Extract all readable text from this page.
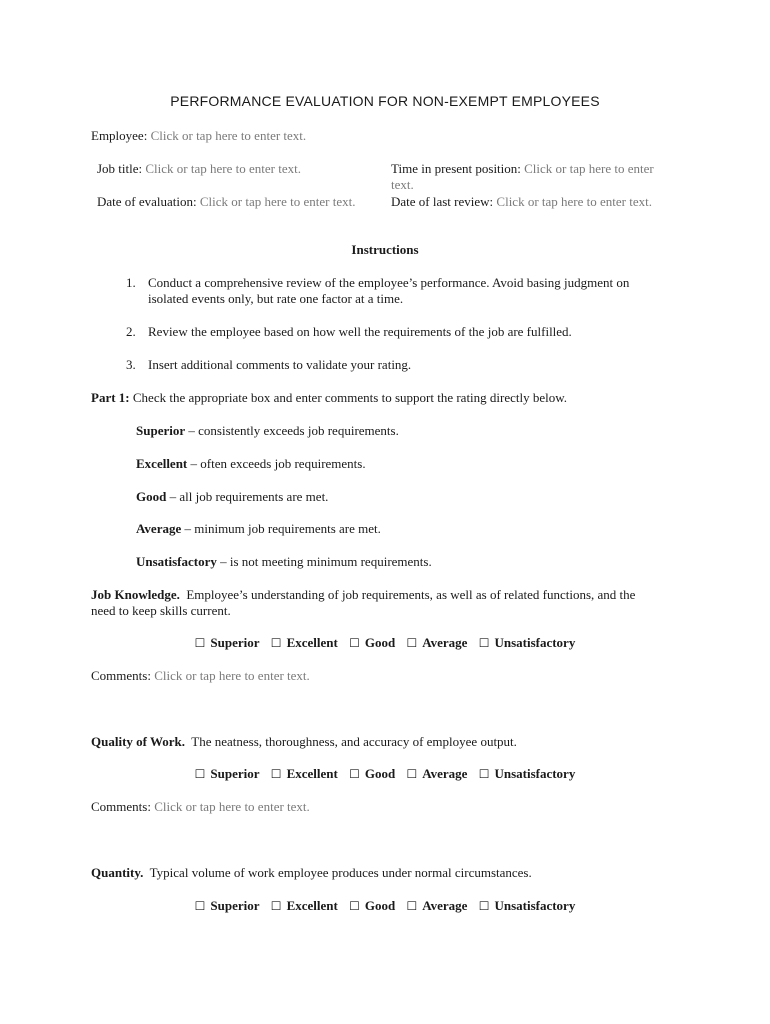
PERFORMANCE EVALUATION FOR NON-EXEMPT EMPLOYEES
Employee: Click or tap here to enter text.
Job title: Click or tap here to enter text.	Time in present position: Click or tap here to enter
text.
Date of evaluation: Click or tap here to enter text.	Date of last review: Click or tap here to enter text.
Instructions
1. Conduct a comprehensive review of the employee’s performance. Avoid basing judgment on
isolated events only, but rate one factor at a time.
2. Review the employee based on how well the requirements of the job are fulfilled.
3. Insert additional comments to validate your rating.
Part 1: Check the appropriate box and enter comments to support the rating directly below.
Superior – consistently exceeds job requirements.
Excellent – often exceeds job requirements.
Good – all job requirements are met.
Average – minimum job requirements are met.
Unsatisfactory – is not meeting minimum requirements.
Job Knowledge. Employee’s understanding of job requirements, as well as of related functions, and the
need to keep skills current.
☐ Superior ☐ Excellent ☐ Good ☐ Average ☐ Unsatisfactory
Comments: Click or tap here to enter text.
Quality of Work. The neatness, thoroughness, and accuracy of employee output.
☐ Superior ☐ Excellent ☐ Good ☐ Average ☐ Unsatisfactory
Comments: Click or tap here to enter text.
Quantity. Typical volume of work employee produces under normal circumstances.
☐ Superior ☐ Excellent ☐ Good ☐ Average ☐ Unsatisfactory
